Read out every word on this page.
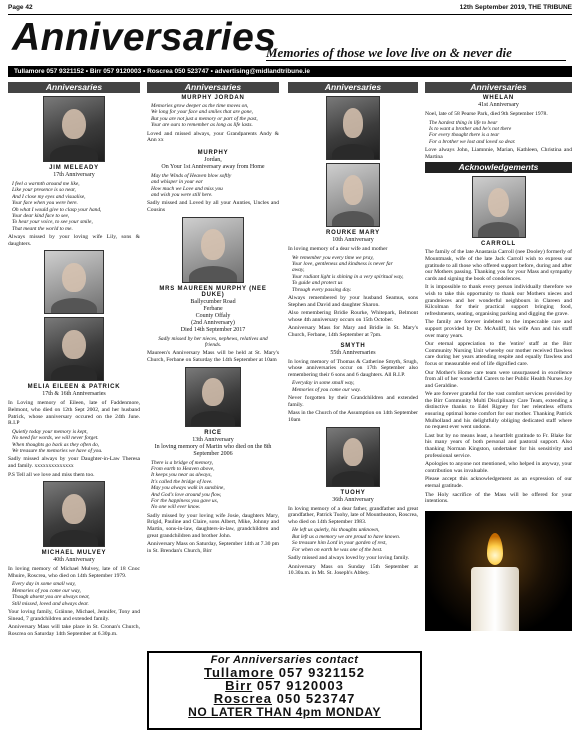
Page 42	12th September 2019, THE TRIBUNE
Anniversaries
Memories of those we love live on & never die
Tullamore 057 9321152 • Birr 057 9120003 • Roscrea 050 523747 • advertising@midlandtribune.ie
Anniversaries
JIM MELEADY
17th Anniversary
I feel a warmth around me like,
Like your presence is so near,
And I close my eyes and visualise,
Your face when you were here.
Oh what I would give to clasp your hand,
Your dear kind face to see,
To hear your voice, to see your smile,
That meant the world to me.
Always missed by your loving wife Lily, sons & daughters.
MELIA EILEEN & PATRICK
17th & 16th Anniversaries
In Loving memory of Eileen, late of Faddenmore, Belmont, who died on 12th Sept 2002, and her husband Patrick, whose anniversary occured on the 24th June. R.I.P
Quietly today your memory is kept,
No need for words, we will never forget.
When thoughts go back as they often do,
We treasure the memories we have of you.
Sadly missed always by your Daughter-in-Law Theresa and family. xxxxxxxxxxxxxx
P.S Tell all we love and miss them too.
MICHAEL MULVEY
40th Anniversary
In loving memory of Michael Mulvey, late of 18 Cnoc Mhuire, Roscrea, who died on 14th September 1979.
Every day in some small way,
Memories of you come our way,
Though absent you are always near,
Still missed, loved and always dear.
Your loving family, Gráinne, Michael, Jennifer, Tony and Sinead, 7 grandchildren and extended family.
Anniversary Mass will take place in St. Cronan's Church, Roscrea on Saturday 14th September at 6.30p.m.
Anniversaries
MURPHY JORDAN
Memories grow deeper as the time moves on,
We long for your face and smiles that are gone,
But you are not just a memory or part of the past,
Your are ours to remember as long as life lasts.
Loved and missed always, your Grandparents Andy & Ann xx
MURPHY
Jordan,
On Your 1st Anniversary away from Home
May the Winds of Heaven blow softly
and whisper in your ear
How much we Love and miss you
and wish you were still here.
Sadly missed and Loved by all your Aunties, Uncles and Cousins
MRS MAUREEN MURPHY (NEE DUKE)
Ballycumber Road
Ferbane
County Offaly
(2nd Anniversary)
Died 14th September 2017
Sadly missed by her nieces, nephews, relatives and
friends.
Maureen's Anniversary Mass will be held at St. Mary's Church, Ferbane on Saturday the 14th September at 10am
RICE
13th Anniversary
In loving memory of Martin who died on the 8th September 2006
There is a bridge of memory,
From earth to Heaven above,
It keeps you near us always,
It's called the bridge of love.
May you always walk in sunshine,
And God's love around you flow,
For the happiness you gave us,
No one will ever know.
Sadly missed by your loving wife Josie, daughters Mary, Brigid, Pauline and Claire, sons Albert, Mike, Johnny and Martin, sons-in-law, daughters-in-law, grandchildren and great grandchildren and brother John.
Anniversary Mass on Saturday, September 14th at 7.30 pm in St. Brendan's Church, Birr
Anniversaries
ROURKE MARY
10th Anniversary
In loving memory of a dear wife and mother
We remember you every time we pray,
Your love, gentleness and kindness is never far
away,
Your radiant light is shining in a very spiritual way,
To guide and protect us
Through every passing day.
Always remembered by your husband Seamus, sons Stephen and David and daughter Sharon.
Also remembering Bridie Rourke, Whitepark, Belmont whose 4th anniversary occurs on 15th October.
Anniversary Mass for Mary and Bridie in St. Mary's Church, Ferbane, 14th September at 7pm.
SMYTH
55th Anniversaries
In loving memory of Thomas & Catherine Smyth, Srugh, whose anniversaries occur on 17th September also remembering their 6 sons and 6 daughters. All R.I.P.
Everyday in some small way,
Memories of you come our way.
Never forgotten by their Grandchildren and extended family.
Mass in the Church of the Assumption on 14th September 10am
TUOHY
36th Anniversary
In loving memory of a dear father, grandfather and great grandfather, Patrick Tuohy, late of Mountheaton, Roscrea, who died on 14th September 1983.
He left us quietly, his thoughts unknown,
But left us a memory we are proud to have known.
So treasure him Lord in your garden of rest,
For when on earth he was one of the best.
Sadly missed and always loved by your loving family.
Anniversary Mass on Sunday 15th September at 10.30a.m. in Mt. St. Joseph's Abbey.
Anniversaries
WHELAN
41st Anniversary
Noel, late of 58 Pearse Park, died 9th September 1978.
The hardest thing in life to bear
Is to want a brother and he's not there
For every thought there is a tear
For a brother we lost and loved so dear.
Love always John, Liamnnie, Marian, Kathleen, Christina and Martina
Acknowledgements
CARROLL
The family of the late Anastasia Carroll (nee Dooley) formerly of Mountmask, wife of the late Jack Carroll wish to express our gratitude to all those who offered support before, during and after our Mothers passing. Thanking you for your Mass and sympathy cards and signing the book of condolences.
It is impossible to thank every person individually therefore we wish to take this opportunity to thank our Mothers nieces and grandnieces and her wonderful neighbours in Clareen and Kilcolman for their practical support bringing food, refreshments, seating, organising parking and digging the grave.
The family are forever indebted to the impeccable care and support provided by Dr. McAuliff, his wife Ann and his staff over many years.
Our eternal appreciation to the 'entire' staff at the Birr Community Nursing Unit whereby our mother received flawless care during her years attending respite and equally flawless and focus or measurable end of life dignified care.
Our Mother's Home care team were unsurpassed in excellence from all of her wonderful Carers to her Public Health Nurses Joy and Geraldine.
We are forever grateful for the vast comfort services provided by the Birr Community Multi Disciplinary Care Team, extending a distinctive thanks to Edel Rigney for her relentless efforts ensuring optimal home comfort for our mother. Thanking Patrick Mulholland and his delightfully obliging dedicated staff where no request ever went undone.
Last but by no means least, a heartfelt gratitude to Fr. Blake for his many years of both personal and pastoral support. Also thanking Norman Kingston, undertaker for his sensitivity and professional service.
Apologies to anyone not mentioned, who helped in anyway, your contribution was invaluable.
Please accept this acknowledgement as an expression of our eternal gratitude.
The Holy sacrifice of the Mass will be offered for your intentions.
For Anniversaries contact
Tullamore 057 9321152
Birr 057 9120003
Roscrea 050 523747
NO LATER THAN 4pm MONDAY
